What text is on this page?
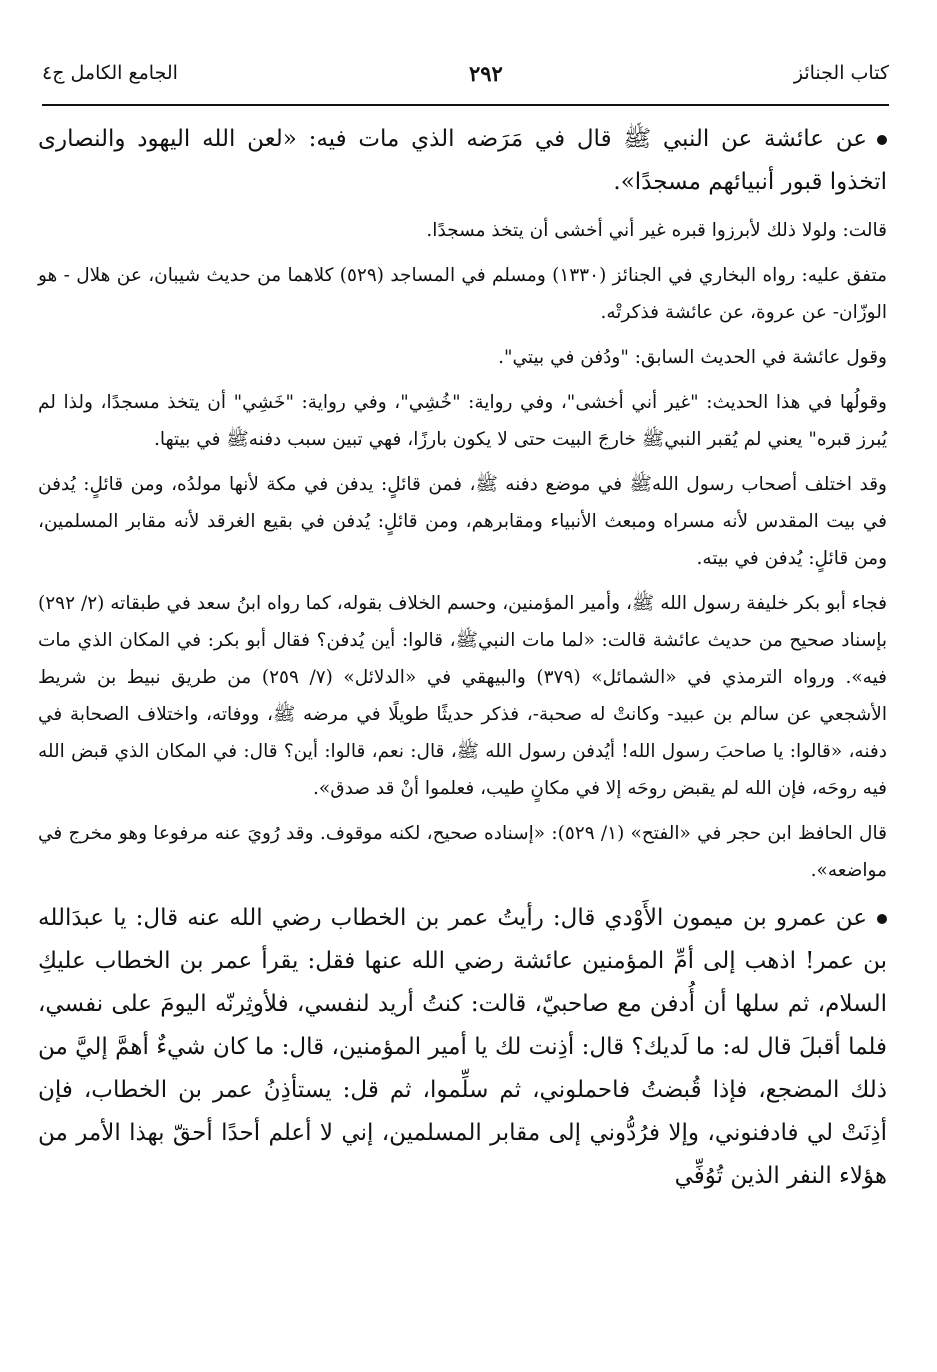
كتاب الجنائز
٢٩٢
الجامع الكامل ج٤

عن عائشة عن النبي ﷺ قال في مَرَضه الذي مات فيه: «لعن الله اليهود والنصارى اتخذوا قبور أنبيائهم مسجدًا».

قالت: ولولا ذلك لأبرزوا قبره غير أني أخشى أن يتخذ مسجدًا.

متفق عليه: رواه البخاري في الجنائز (١٣٣٠) ومسلم في المساجد (٥٢٩) كلاهما من حديث شيبان، عن هلال - هو الوزّان- عن عروة، عن عائشة فذكرتْه.

وقول عائشة في الحديث السابق: "ودُفن في بيتي".

وقولُها في هذا الحديث: "غير أني أخشى"، وفي رواية: "خُشِي"، وفي رواية: "خَشِي" أن يتخذ مسجدًا، ولذا لم يُبرز قبره" يعني لم يُقبر النبيﷺ خارجَ البيت حتى لا يكون بارزًا، فهي تبين سبب دفنهﷺ في بيتها.

وقد اختلف أصحاب رسول اللهﷺ في موضع دفنه ﷺ، فمن قائلٍ: يدفن في مكة لأنها مولدُه، ومن قائلٍ: يُدفن في بيت المقدس لأنه مسراه ومبعث الأنبياء ومقابرهم، ومن قائلٍ: يُدفن في بقيع الغرقد لأنه مقابر المسلمين، ومن قائلٍ: يُدفن في بيته.

فجاء أبو بكر خليفة رسول الله ﷺ، وأمير المؤمنين، وحسم الخلاف بقوله، كما رواه ابنُ سعد في طبقاته (٢/ ٢٩٢) بإسناد صحيح من حديث عائشة قالت: «لما مات النبيﷺ، قالوا: أين يُدفن؟ فقال أبو بكر: في المكان الذي مات فيه». ورواه الترمذي في «الشمائل» (٣٧٩) والبيهقي في «الدلائل» (٧/ ٢٥٩) من طريق نبيط بن شريط الأشجعي عن سالم بن عبيد- وكانتْ له صحبة-، فذكر حديثًا طويلًا في مرضه ﷺ، ووفاته، واختلاف الصحابة في دفنه، «قالوا: يا صاحبَ رسول الله! أيُدفن رسول الله ﷺ، قال: نعم، قالوا: أين؟ قال: في المكان الذي قبض الله فيه روحَه، فإن الله لم يقبض روحَه إلا في مكانٍ طيب، فعلموا أنْ قد صدق».

قال الحافظ ابن حجر في «الفتح» (١/ ٥٢٩): «إسناده صحيح، لكنه موقوف. وقد رُويَ عنه مرفوعا وهو مخرج في مواضعه».

عن عمرو بن ميمون الأَوْدي قال: رأيتُ عمر بن الخطاب رضي الله عنه قال: يا عبدَالله بن عمر! اذهب إلى أمِّ المؤمنين عائشة رضي الله عنها فقل: يقرأ عمر بن الخطاب عليكِ السلام، ثم سلها أن أُدفن مع صاحبيّ، قالت: كنتُ أريد لنفسي، فلأوثِرنّه اليومَ على نفسي، فلما أقبلَ قال له: ما لَديك؟ قال: أذِنت لك يا أمير المؤمنين، قال: ما كان شيءٌ أهمَّ إليَّ من ذلك المضجع، فإذا قُبضتُ فاحملوني، ثم سلِّموا، ثم قل: يستأذِنُ عمر بن الخطاب، فإن أذِنَتْ لي فادفنوني، وإلا فرُدُّوني إلى مقابر المسلمين، إني لا أعلم أحدًا أحقّ بهذا الأمر من هؤلاء النفر الذين تُوُفِّي
